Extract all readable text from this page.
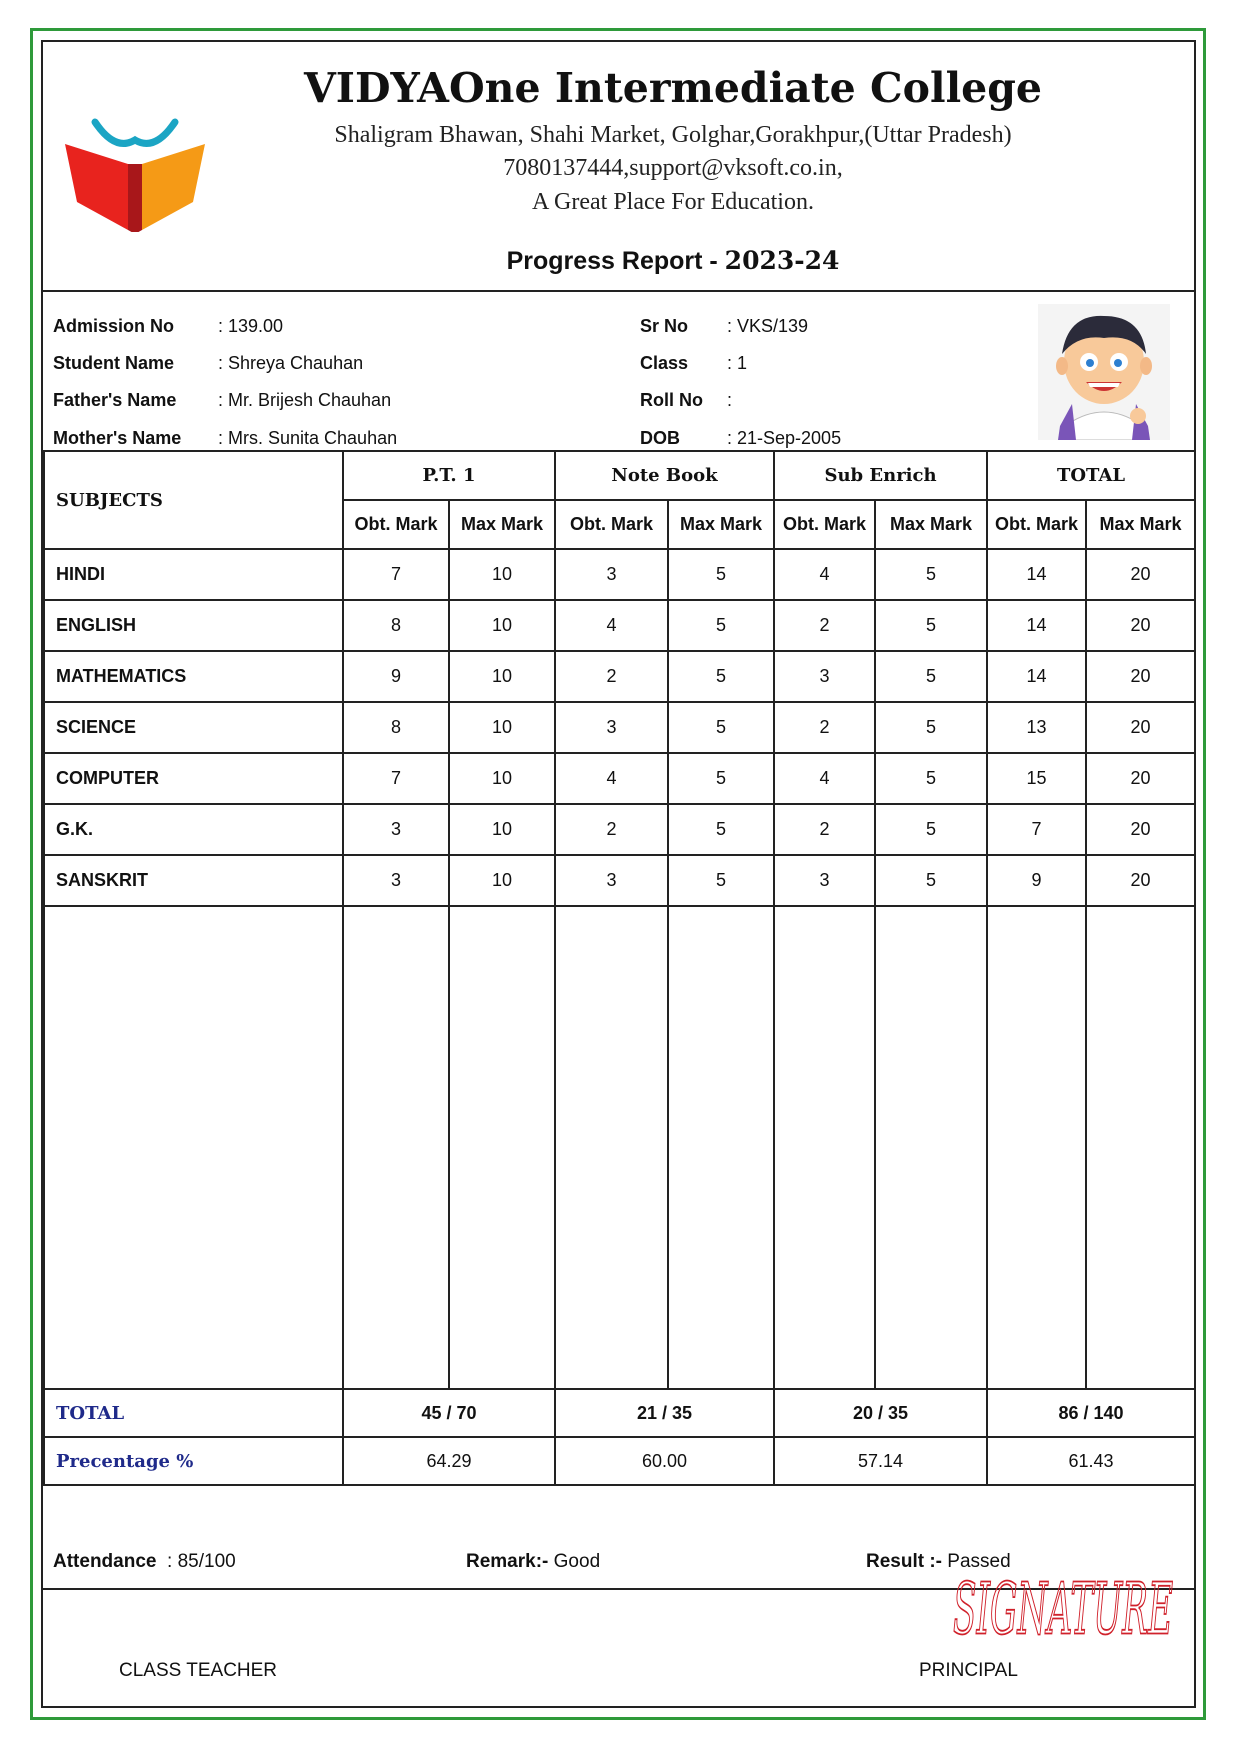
VIDYAOne Intermediate College
Shaligram Bhawan, Shahi Market, Golghar,Gorakhpur,(Uttar Pradesh)
7080137444,support@vksoft.co.in,
A Great Place For Education.
Progress Report - 2023-24
Admission No : 139.00
Student Name : Shreya Chauhan
Father's Name : Mr. Brijesh Chauhan
Mother's Name : Mrs. Sunita Chauhan
Sr No : VKS/139
Class : 1
Roll No :
DOB	: 21-Sep-2005
SUBJECTS	P.T. 1		Note Book		Sub Enrich		TOTAL	
	Obt. Mark	Max Mark	Obt. Mark	Max Mark	Obt. Mark	Max Mark	Obt. Mark	Max Mark
HINDI	7	10	3	5	4	5	14	20
ENGLISH	8	10	4	5	2	5	14	20
MATHEMATICS	9	10	2	5	3	5	14	20
SCIENCE	8	10	3	5	2	5	13	20
COMPUTER	7	10	4	5	4	5	15	20
G.K.	3	10	2	5	2	5	7	20
SANSKRIT	3	10	3	5	3	5	9	20

TOTAL	45 / 70		21 / 35		20 / 35		86 / 140	
Precentage %	64.29		60.00		57.14		61.43	
Attendance : 85/100	Remark:- Good	Result :- Passed
SIGNATURE
CLASS TEACHER	PRINCIPAL
